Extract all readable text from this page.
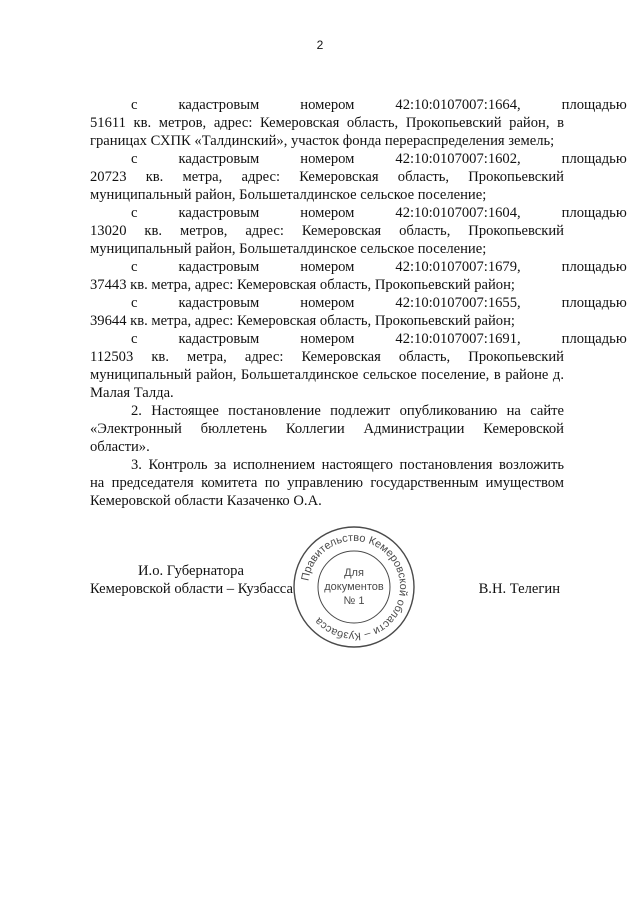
2

с	кадастровым	номером	42:10:0107007:1664,	площадью
51611 кв. метров, адрес: Кемеровская область, Прокопьевский район, в границах СХПК «Талдинский», участок фонда перераспределения земель;

с	кадастровым	номером	42:10:0107007:1602,	площадью
20723 кв. метра, адрес: Кемеровская область, Прокопьевский муниципальный район, Большеталдинское сельское поселение;

с	кадастровым	номером	42:10:0107007:1604,	площадью
13020 кв. метров, адрес: Кемеровская область, Прокопьевский муниципальный район, Большеталдинское сельское поселение;

с	кадастровым	номером	42:10:0107007:1679,	площадью
37443 кв. метра, адрес: Кемеровская область, Прокопьевский район;

с	кадастровым	номером	42:10:0107007:1655,	площадью
39644 кв. метра, адрес: Кемеровская область, Прокопьевский район;

с	кадастровым	номером	42:10:0107007:1691,	площадью
112503 кв. метра, адрес: Кемеровская область, Прокопьевский муниципальный район, Большеталдинское сельское поселение, в районе д. Малая Талда.

2. Настоящее постановление подлежит опубликованию на сайте «Электронный бюллетень Коллегии Администрации Кемеровской области».

3. Контроль за исполнением настоящего постановления возложить на председателя комитета по управлению государственным имуществом Кемеровской области Казаченко О.А.

И.о. Губернатора
Кемеровской области – Кузбасса	В.Н. Телегин
Правительство Кемеровской области – Кузбасса
Для
документов
№ 1
